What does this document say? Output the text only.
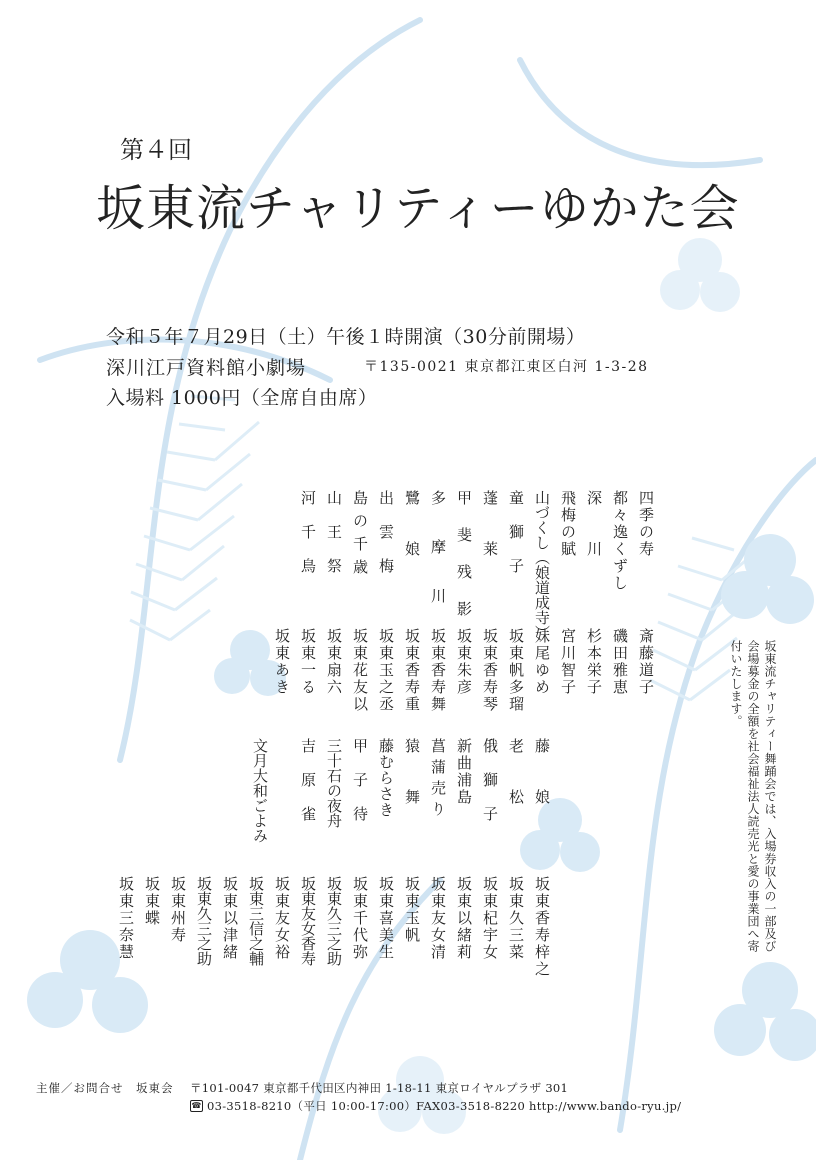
第４回
坂東流チャリティーゆかた会
令和５年７月29日（土）午後１時開演（30分前開場）
深川江戸資料館小劇場	〒135-0021 東京都江東区白河 1-3-28
入場料 1000円（全席自由席）
坂東流チャリティー舞踊会では、入場券収入の一部及び会場募金の全額を社会福祉法人読売光と愛の事業団へ寄付いたします。
四季の寿
都々逸くずし
深　　川
飛梅の賦
山づくし（娘道成寺）
童　獅　子
蓬　　莱
甲 斐 残 影
多 摩 川
鷺　　娘
出　雲　梅
島の千歳
山　王　祭
河　千　鳥
斎藤道子
磯田雅恵
杉本栄子
宮川智子
妹尾ゆめ
坂東帆多瑠
坂東香寿琴
坂東朱彦
坂東香寿舞
坂東香寿重
坂東玉之丞
坂東花友以
坂東扇六
坂東一る
坂東あき
藤　　娘
老　　松
俄　獅　子
新曲浦島
菖蒲売り
猿　　舞
藤むらさき
甲　子　待
三十石の夜舟
吉　原　雀
文月大和ごよみ
坂東香寿梓之
坂東久三菜
坂東杞宇女
坂東以緒莉
坂東友女清
坂東玉帆
坂東喜美生
坂東千代弥
坂東久三之助
坂東友女香寿
坂東友女裕
坂東三信之輔
坂東以津緒
坂東久三之助
坂東州寿
坂東蝶
坂東三奈慧
主催／お問合せ　坂東会 〒101-0047 東京都千代田区内神田 1-18-11 東京ロイヤルプラザ 301
☎ 03-3518-8210（平日 10:00-17:00）FAX03-3518-8220 http://www.bando-ryu.jp/
